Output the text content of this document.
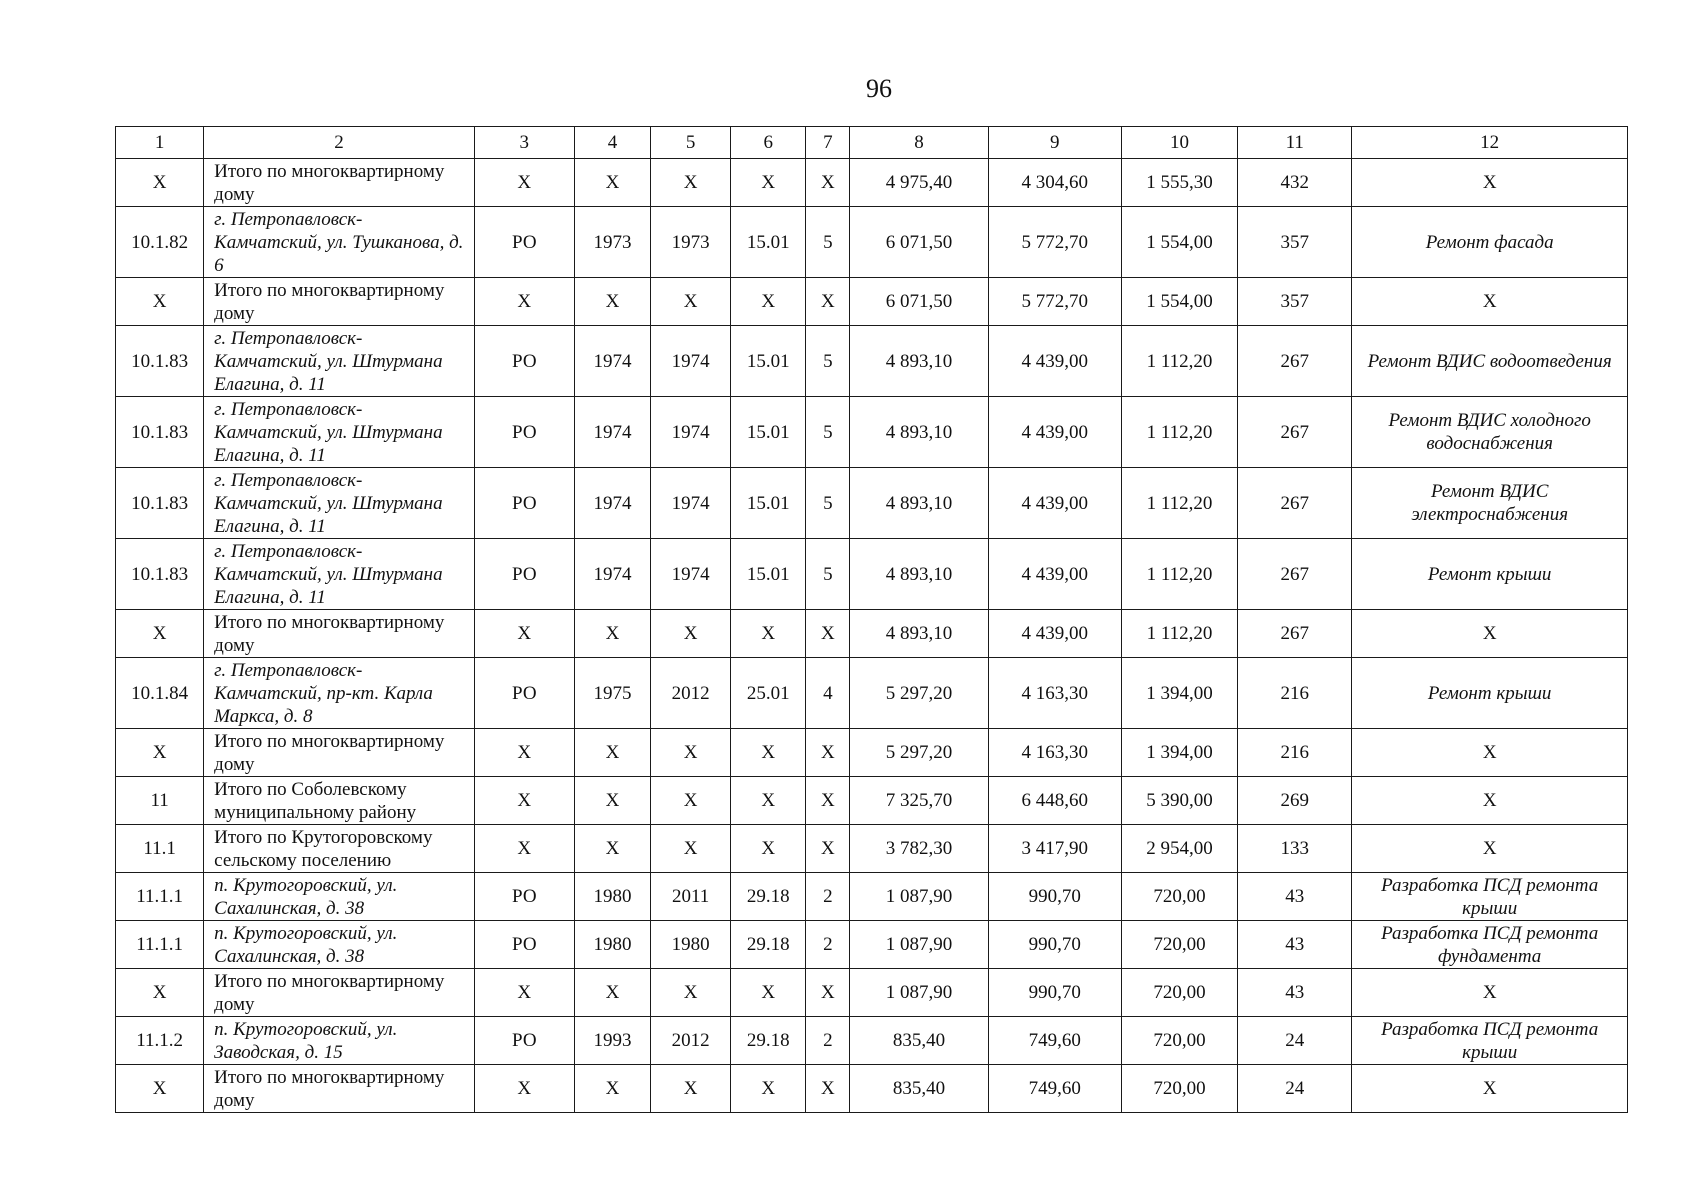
96
1	2	3	4	5	6	7	8	9	10	11	12
X	Итого по многоквартирному дому	X	X	X	X	X	4 975,40	4 304,60	1 555,30	432	X
10.1.82	г. Петропавловск-Камчатский, ул. Тушканова, д. 6	РО	1973	1973	15.01	5	6 071,50	5 772,70	1 554,00	357	Ремонт фасада
X	Итого по многоквартирному дому	X	X	X	X	X	6 071,50	5 772,70	1 554,00	357	X
10.1.83	г. Петропавловск-Камчатский, ул. Штурмана Елагина, д. 11	РО	1974	1974	15.01	5	4 893,10	4 439,00	1 112,20	267	Ремонт ВДИС водоотведения
10.1.83	г. Петропавловск-Камчатский, ул. Штурмана Елагина, д. 11	РО	1974	1974	15.01	5	4 893,10	4 439,00	1 112,20	267	Ремонт ВДИС холодного водоснабжения
10.1.83	г. Петропавловск-Камчатский, ул. Штурмана Елагина, д. 11	РО	1974	1974	15.01	5	4 893,10	4 439,00	1 112,20	267	Ремонт ВДИС электроснабжения
10.1.83	г. Петропавловск-Камчатский, ул. Штурмана Елагина, д. 11	РО	1974	1974	15.01	5	4 893,10	4 439,00	1 112,20	267	Ремонт крыши
X	Итого по многоквартирному дому	X	X	X	X	X	4 893,10	4 439,00	1 112,20	267	X
10.1.84	г. Петропавловск-Камчатский, пр-кт. Карла Маркса, д. 8	РО	1975	2012	25.01	4	5 297,20	4 163,30	1 394,00	216	Ремонт крыши
X	Итого по многоквартирному дому	X	X	X	X	X	5 297,20	4 163,30	1 394,00	216	X
11	Итого по Соболевскому муниципальному району	X	X	X	X	X	7 325,70	6 448,60	5 390,00	269	X
11.1	Итого по Крутогоровскому сельскому поселению	X	X	X	X	X	3 782,30	3 417,90	2 954,00	133	X
11.1.1	п. Крутогоровский, ул. Сахалинская, д. 38	РО	1980	2011	29.18	2	1 087,90	990,70	720,00	43	Разработка ПСД ремонта крыши
11.1.1	п. Крутогоровский, ул. Сахалинская, д. 38	РО	1980	1980	29.18	2	1 087,90	990,70	720,00	43	Разработка ПСД ремонта фундамента
X	Итого по многоквартирному дому	X	X	X	X	X	1 087,90	990,70	720,00	43	X
11.1.2	п. Крутогоровский, ул. Заводская, д. 15	РО	1993	2012	29.18	2	835,40	749,60	720,00	24	Разработка ПСД ремонта крыши
X	Итого по многоквартирному дому	X	X	X	X	X	835,40	749,60	720,00	24	X
